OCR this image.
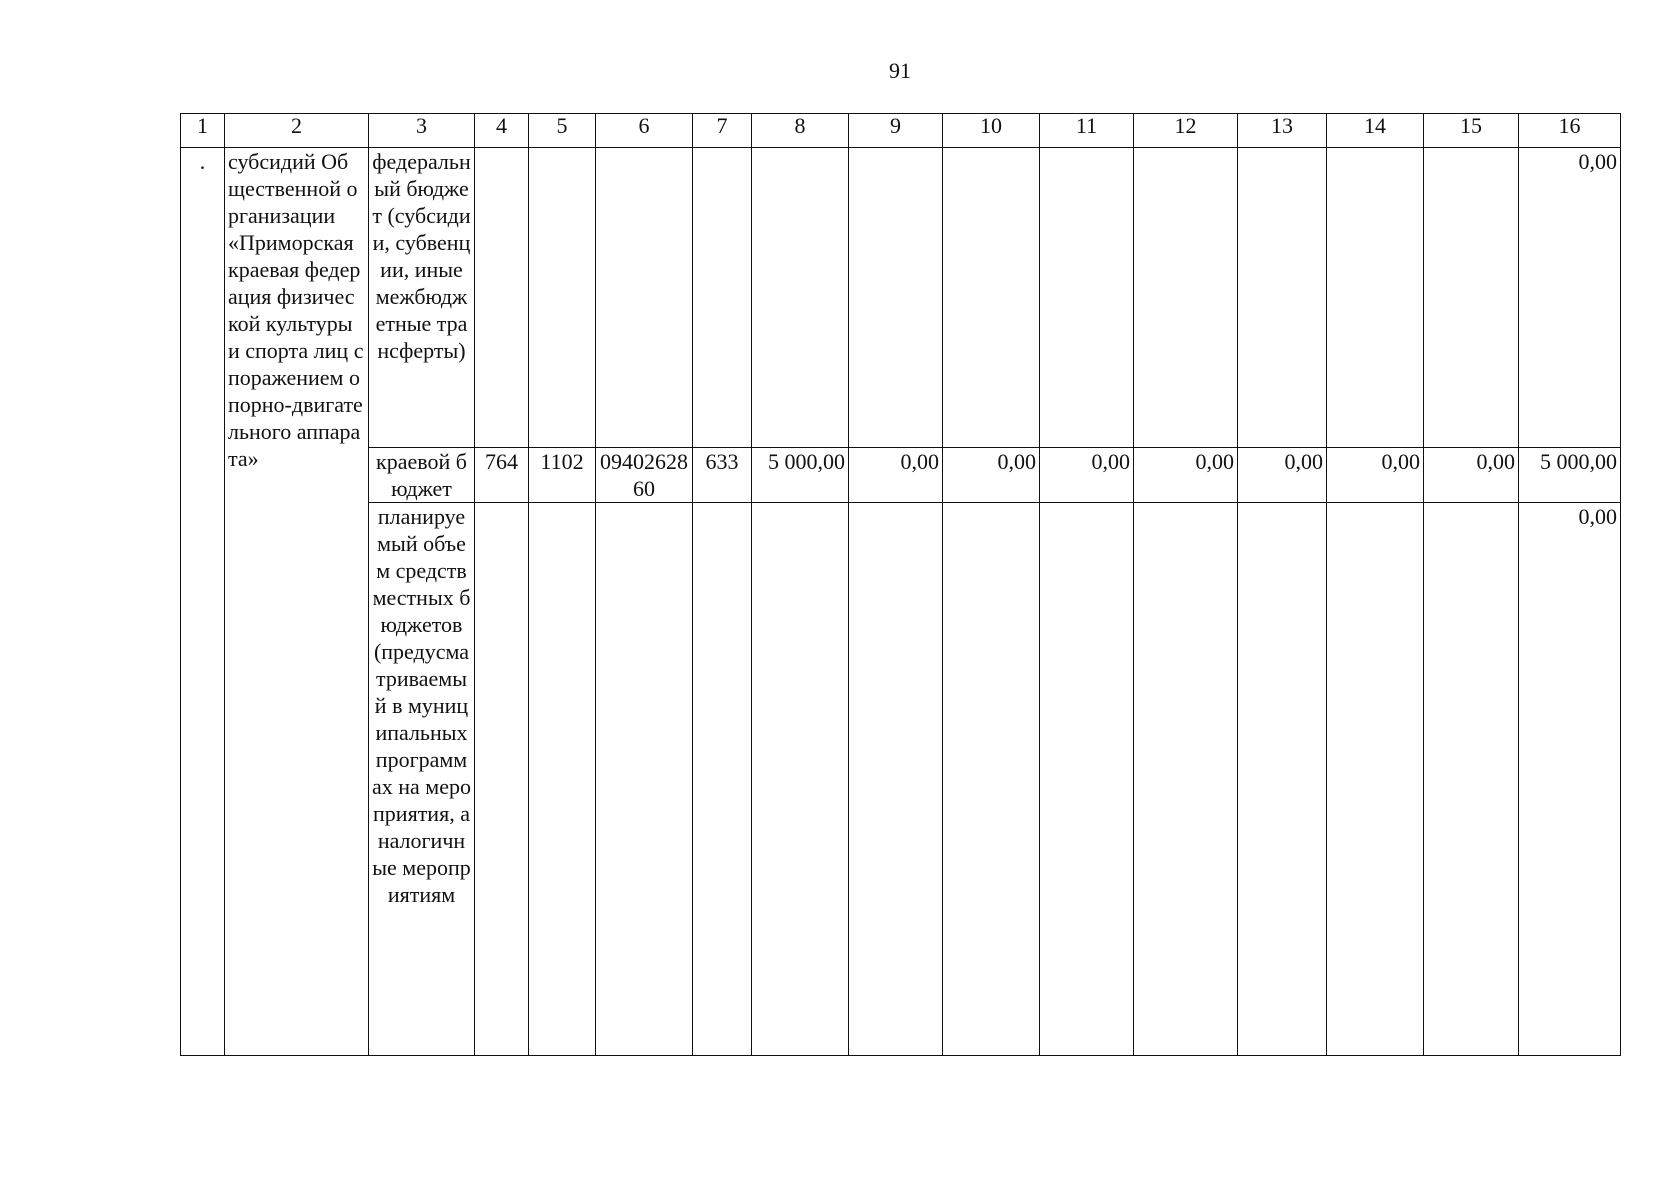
91
1	2	3	4	5	6	7	8	9	10	11	12	13	14	15	16
.	субсидий Общественной организации «Приморская краевая федерация физической культуры и спорта лиц с поражением опорно-двигательного аппарата»	федеральный бюджет (субсидии, субвенции, иные межбюджетные трансферты)													0,00
		краевой бюджет	764	1102	0940262860	633	5 000,00	0,00	0,00	0,00	0,00	0,00	0,00	0,00	5 000,00
		планируемый объем средств местных бюджетов (предусматриваемый в муниципальных программах на мероприятия, аналогичные мероприятиям													0,00
